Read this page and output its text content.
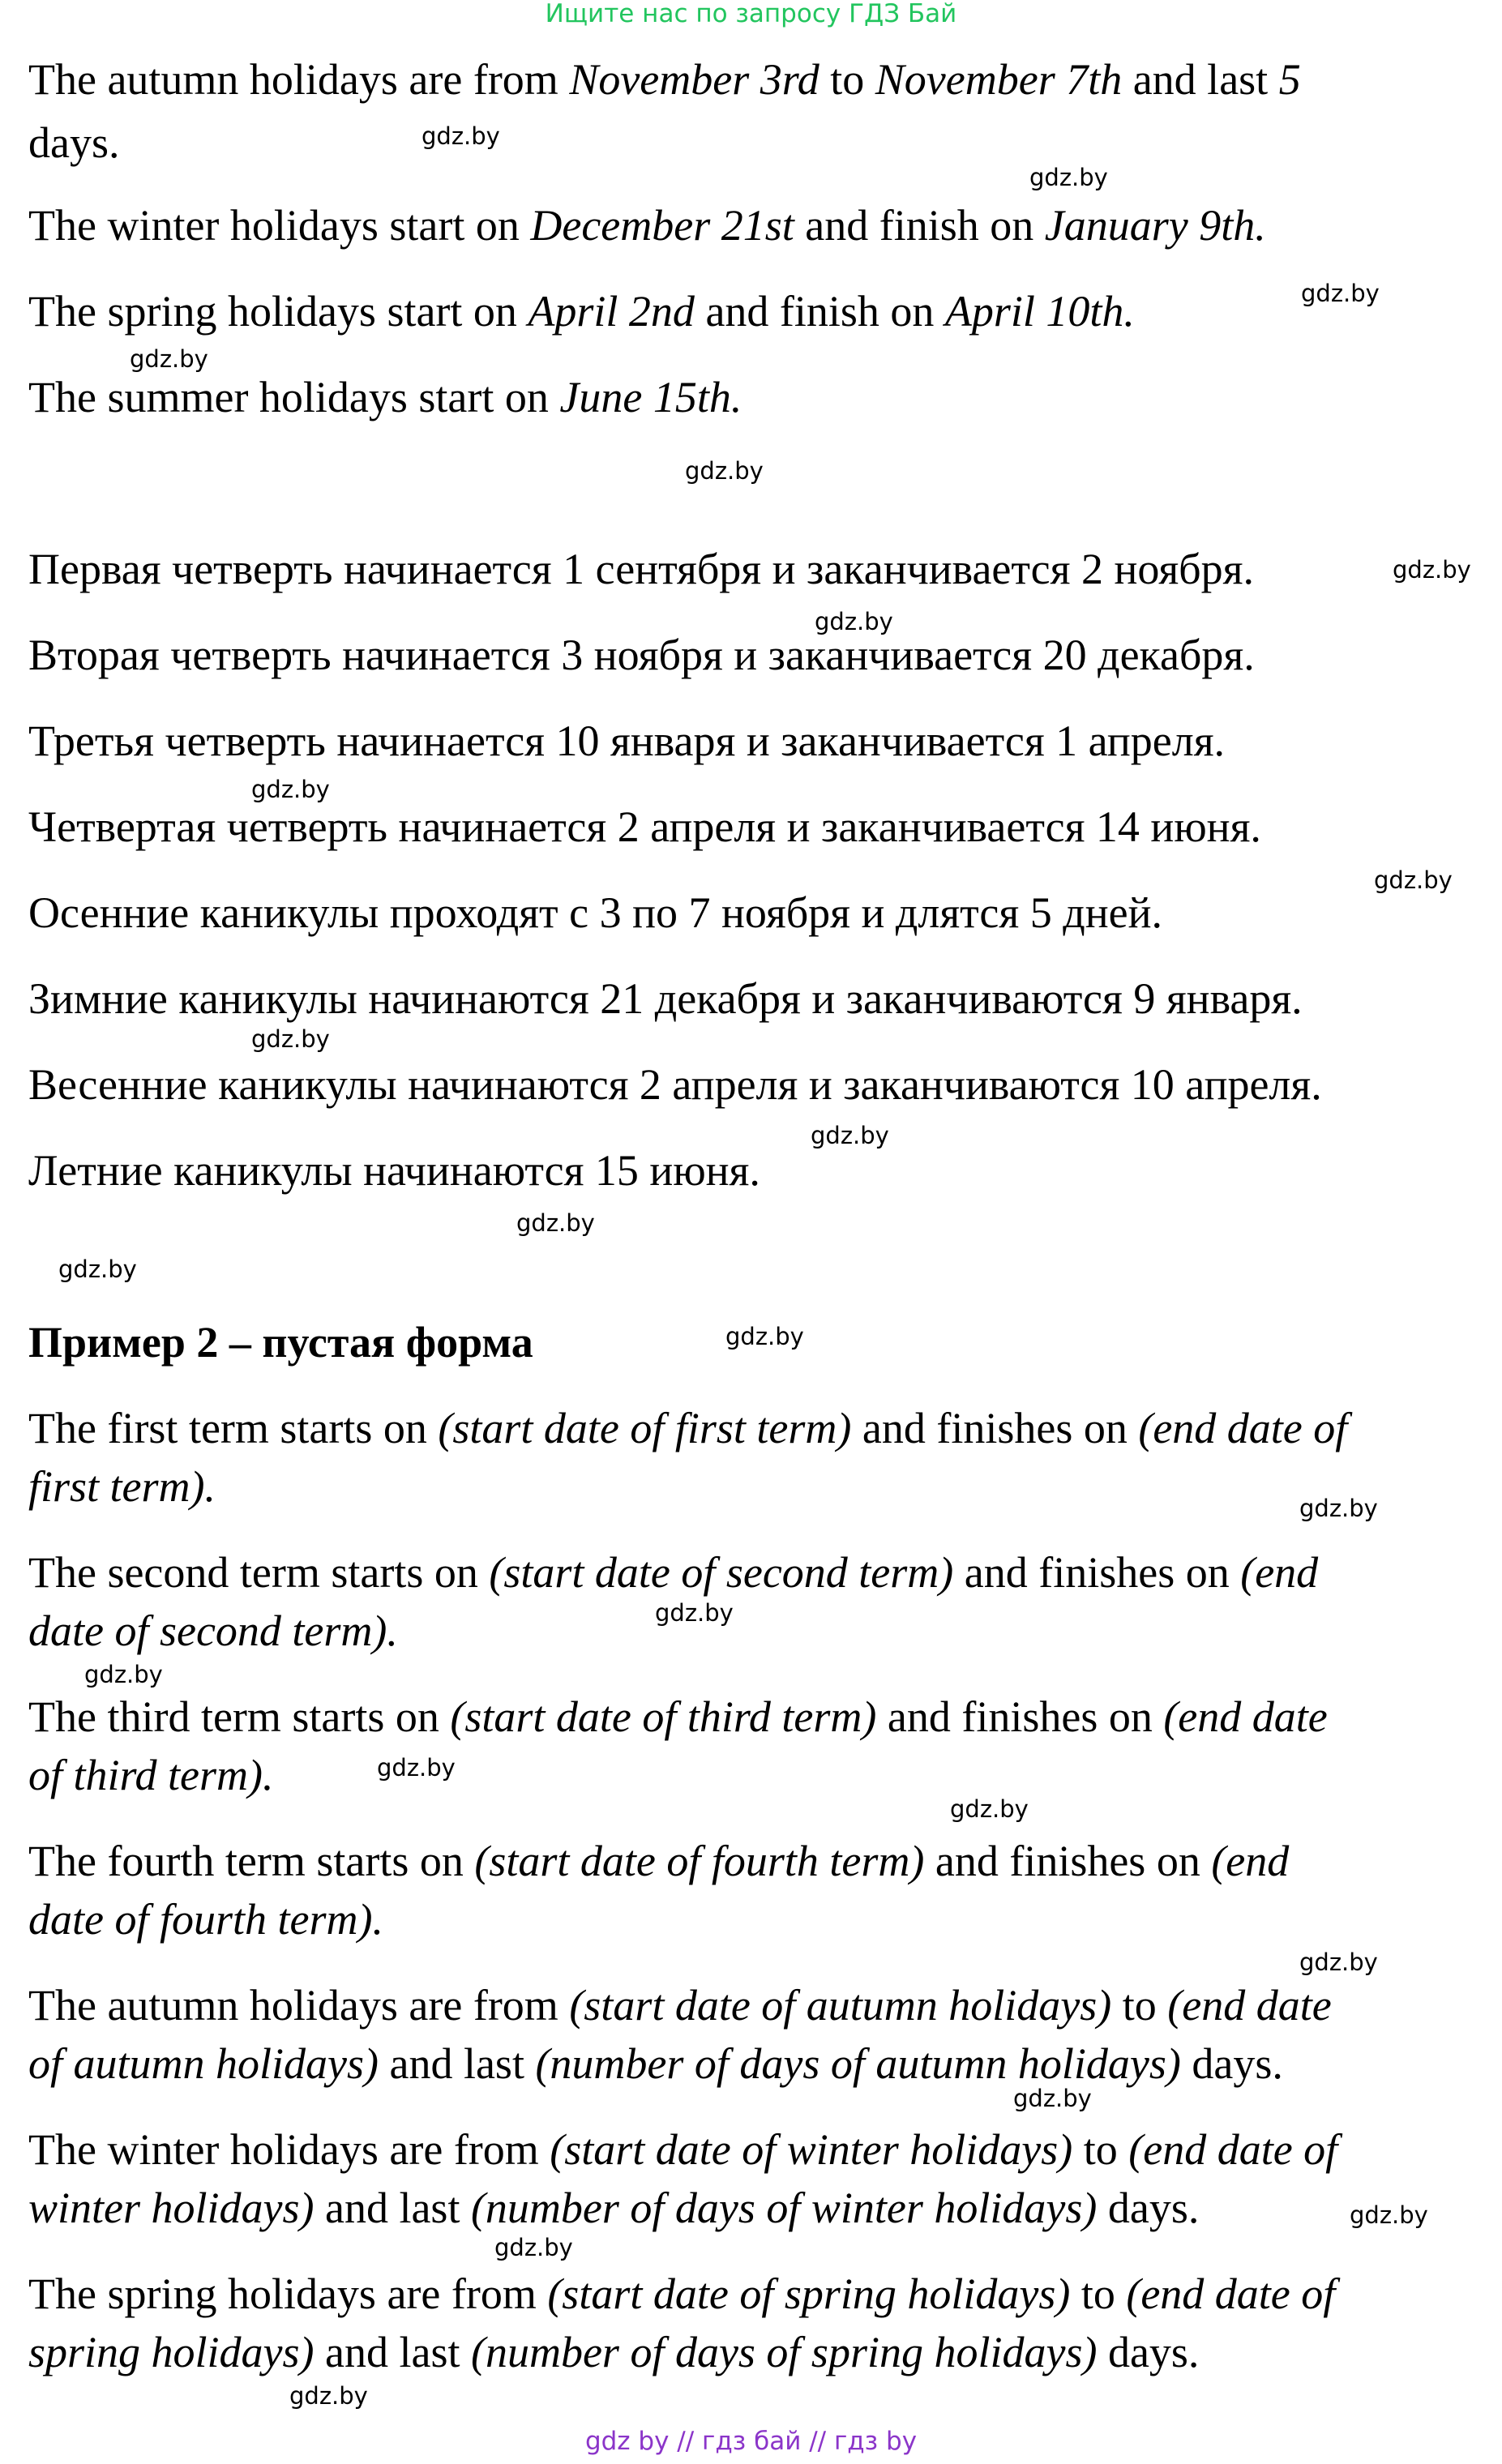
Ищите нас по запросу ГДЗ Бай
The autumn holidays are from November 3rd to November 7th and last 5
days.
The winter holidays start on December 21st and finish on January 9th.
The spring holidays start on April 2nd and finish on April 10th.
The summer holidays start on June 15th.
Первая четверть начинается 1 сентября и заканчивается 2 ноября.
Вторая четверть начинается 3 ноября и заканчивается 20 декабря.
Третья четверть начинается 10 января и заканчивается 1 апреля.
Четвертая четверть начинается 2 апреля и заканчивается 14 июня.
Осенние каникулы проходят с 3 по 7 ноября и длятся 5 дней.
Зимние каникулы начинаются 21 декабря и заканчиваются 9 января.
Весенние каникулы начинаются 2 апреля и заканчиваются 10 апреля.
Летние каникулы начинаются 15 июня.
Пример 2 – пустая форма
The first term starts on (start date of first term) and finishes on (end date of
first term).
The second term starts on (start date of second term) and finishes on (end
date of second term).
The third term starts on (start date of third term) and finishes on (end date
of third term).
The fourth term starts on (start date of fourth term) and finishes on (end
date of fourth term).
The autumn holidays are from (start date of autumn holidays) to (end date
of autumn holidays) and last (number of days of autumn holidays) days.
The winter holidays are from (start date of winter holidays) to (end date of
winter holidays) and last (number of days of winter holidays) days.
The spring holidays are from (start date of spring holidays) to (end date of
spring holidays) and last (number of days of spring holidays) days.
gdz.by
gdz.by
gdz.by
gdz.by
gdz.by
gdz.by
gdz.by
gdz.by
gdz.by
gdz.by
gdz.by
gdz.by
gdz.by
gdz.by
gdz.by
gdz.by
gdz.by
gdz.by
gdz.by
gdz.by
gdz.by
gdz.by
gdz.by
gdz.by
gdz by // гдз бай // гдз by
